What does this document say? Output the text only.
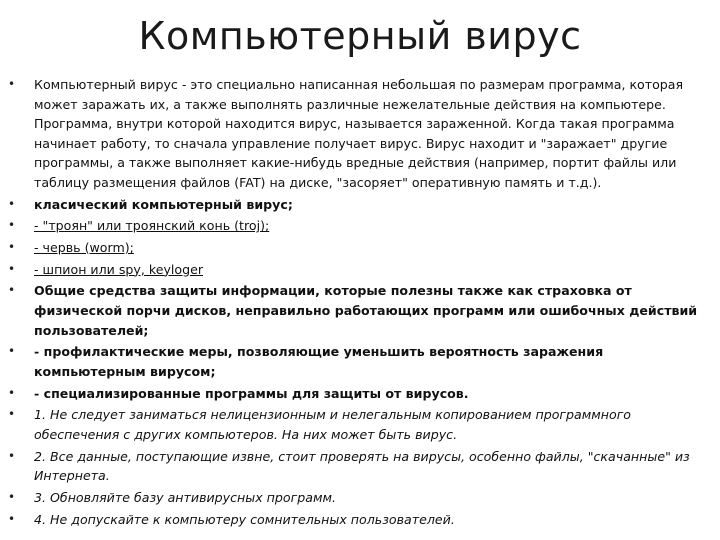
Компьютерный вирус
• Компьютерный вирус - это специально написанная небольшая по размерам программа, которая может заражать их, а также выполнять различные нежелательные действия на компьютере. Программа, внутри которой находится вирус, называется зараженной. Когда такая программа начинает работу, то сначала управление получает вирус. Вирус находит и "заражает" другие программы, а также выполняет какие-нибудь вредные действия (например, портит файлы или таблицу размещения файлов (FAT) на диске, "засоряет" оперативную память и т.д.).
• класический компьютерный вирус;
• - "троян" или троянский конь (troj);
• - червь (worm);
• - шпион или spy, keyloger
• Общие средства защиты информации, которые полезны также как страховка от физической порчи дисков, неправильно работающих программ или ошибочных действий пользователей;
• - профилактические меры, позволяющие уменьшить вероятность заражения компьютерным вирусом;
• - специализированные программы для защиты от вирусов.
• 1. Не следует заниматься нелицензионным и нелегальным копированием программного обеспечения с других компьютеров. На них может быть вирус.
• 2. Все данные, поступающие извне, стоит проверять на вирусы, особенно файлы, "скачанные" из Интернета.
• 3. Обновляйте базу антивирусных программ.
• 4. Не допускайте к компьютеру сомнительных пользователей.
